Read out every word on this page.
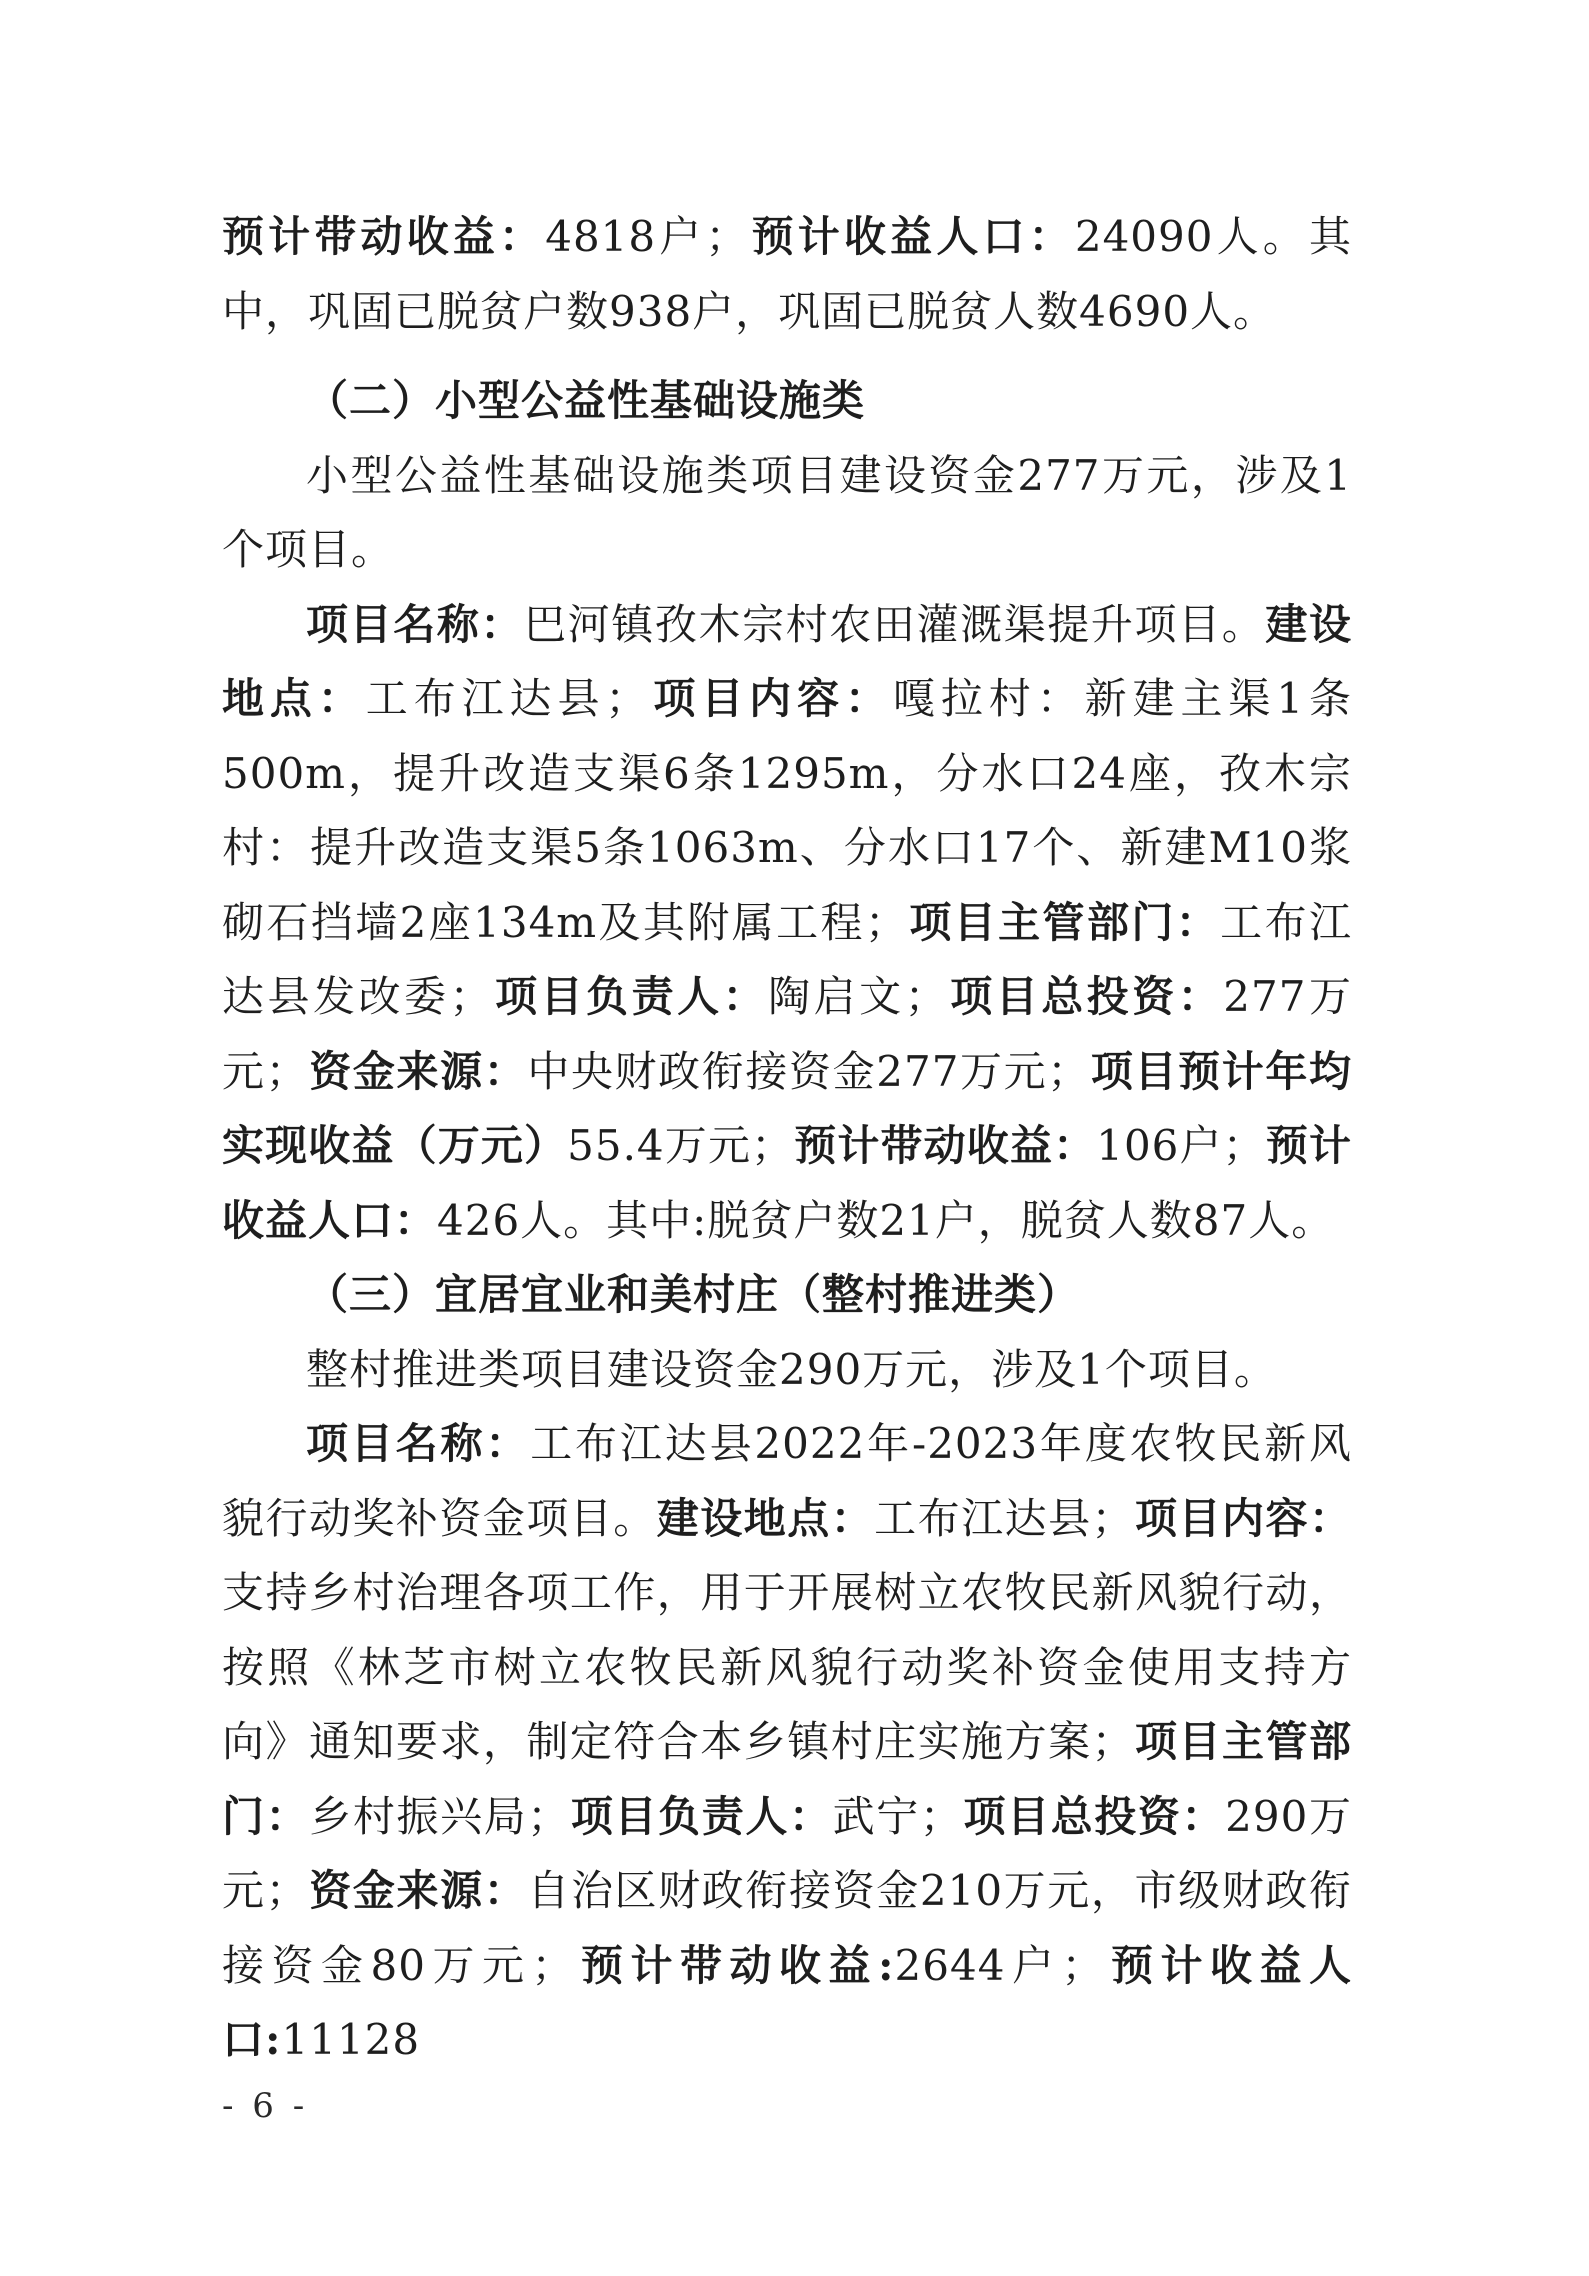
预计带动收益：4818户；预计收益人口：24090人。其中，巩固已脱贫户数938户，巩固已脱贫人数4690人。

（二）小型公益性基础设施类

小型公益性基础设施类项目建设资金277万元，涉及1个项目。

项目名称：巴河镇孜木宗村农田灌溉渠提升项目。建设地点：工布江达县；项目内容：嘎拉村：新建主渠1条500m，提升改造支渠6条1295m，分水口24座，孜木宗村：提升改造支渠5条1063m、分水口17个、新建M10浆砌石挡墙2座134m及其附属工程；项目主管部门：工布江达县发改委；项目负责人：陶启文；项目总投资：277万元；资金来源：中央财政衔接资金277万元；项目预计年均实现收益（万元）55.4万元；预计带动收益：106户；预计收益人口：426人。其中:脱贫户数21户，脱贫人数87人。

（三）宜居宜业和美村庄（整村推进类）

整村推进类项目建设资金290万元，涉及1个项目。

项目名称：工布江达县2022年-2023年度农牧民新风貌行动奖补资金项目。建设地点：工布江达县；项目内容：支持乡村治理各项工作，用于开展树立农牧民新风貌行动，按照《林芝市树立农牧民新风貌行动奖补资金使用支持方向》通知要求，制定符合本乡镇村庄实施方案；项目主管部门：乡村振兴局；项目负责人：武宁；项目总投资：290万元；资金来源：自治区财政衔接资金210万元，市级财政衔接资金80万元；预计带动收益:2644户；预计收益人口:11128

- 6 -
